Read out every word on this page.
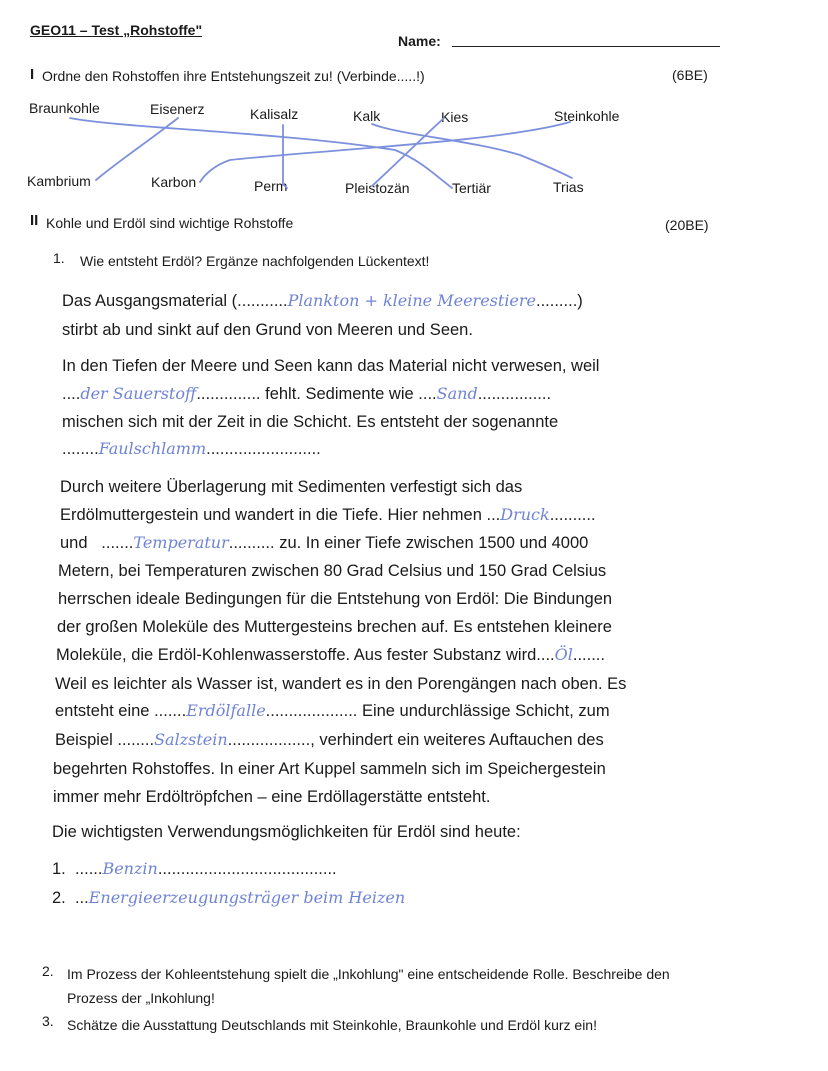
GEO11 – Test „Rohstoffe"
Name:
I Ordne den Rohstoffen ihre Entstehungszeit zu! (Verbinde.....!)	(6BE)
Braunkohle	Eisenerz	Kalisalz	Kalk	Kies	Steinkohle
Kambrium	Karbon	Perm	Pleistozän	Tertiär	Trias
II Kohle und Erdöl sind wichtige Rohstoffe	(20BE)
1. Wie entsteht Erdöl? Ergänze nachfolgenden Lückentext!
Das Ausgangsmaterial (...........Plankton + kleine Meerestiere.........)
stirbt ab und sinkt auf den Grund von Meeren und Seen.
In den Tiefen der Meere und Seen kann das Material nicht verwesen, weil
....der Sauerstoff.............. fehlt. Sedimente wie ....Sand................
mischen sich mit der Zeit in die Schicht. Es entsteht der sogenannte
........Faulschlamm.........................
Durch weitere Überlagerung mit Sedimenten verfestigt sich das
Erdölmuttergestein und wandert in die Tiefe. Hier nehmen ...Druck..........
und .......Temperatur.......... zu. In einer Tiefe zwischen 1500 und 4000
Metern, bei Temperaturen zwischen 80 Grad Celsius und 150 Grad Celsius
herrschen ideale Bedingungen für die Entstehung von Erdöl: Die Bindungen
der großen Moleküle des Muttergesteins brechen auf. Es entstehen kleinere
Moleküle, die Erdöl-Kohlenwasserstoffe. Aus fester Substanz wird....Öl.......
Weil es leichter als Wasser ist, wandert es in den Porengängen nach oben. Es
entsteht eine .......Erdölfalle.................... Eine undurchlässige Schicht, zum
Beispiel ........Salzstein.................., verhindert ein weiteres Auftauchen des
begehrten Rohstoffes. In einer Art Kuppel sammeln sich im Speichergestein
immer mehr Erdöltröpfchen – eine Erdöllagerstätte entsteht.
Die wichtigsten Verwendungsmöglichkeiten für Erdöl sind heute:
1. ......Benzin.......................................
2. ...Energieerzeugungsträger beim Heizen
2. Im Prozess der Kohleentstehung spielt die „Inkohlung" eine entscheidende Rolle. Beschreibe den
Prozess der „Inkohlung!
3. Schätze die Ausstattung Deutschlands mit Steinkohle, Braunkohle und Erdöl kurz ein!
